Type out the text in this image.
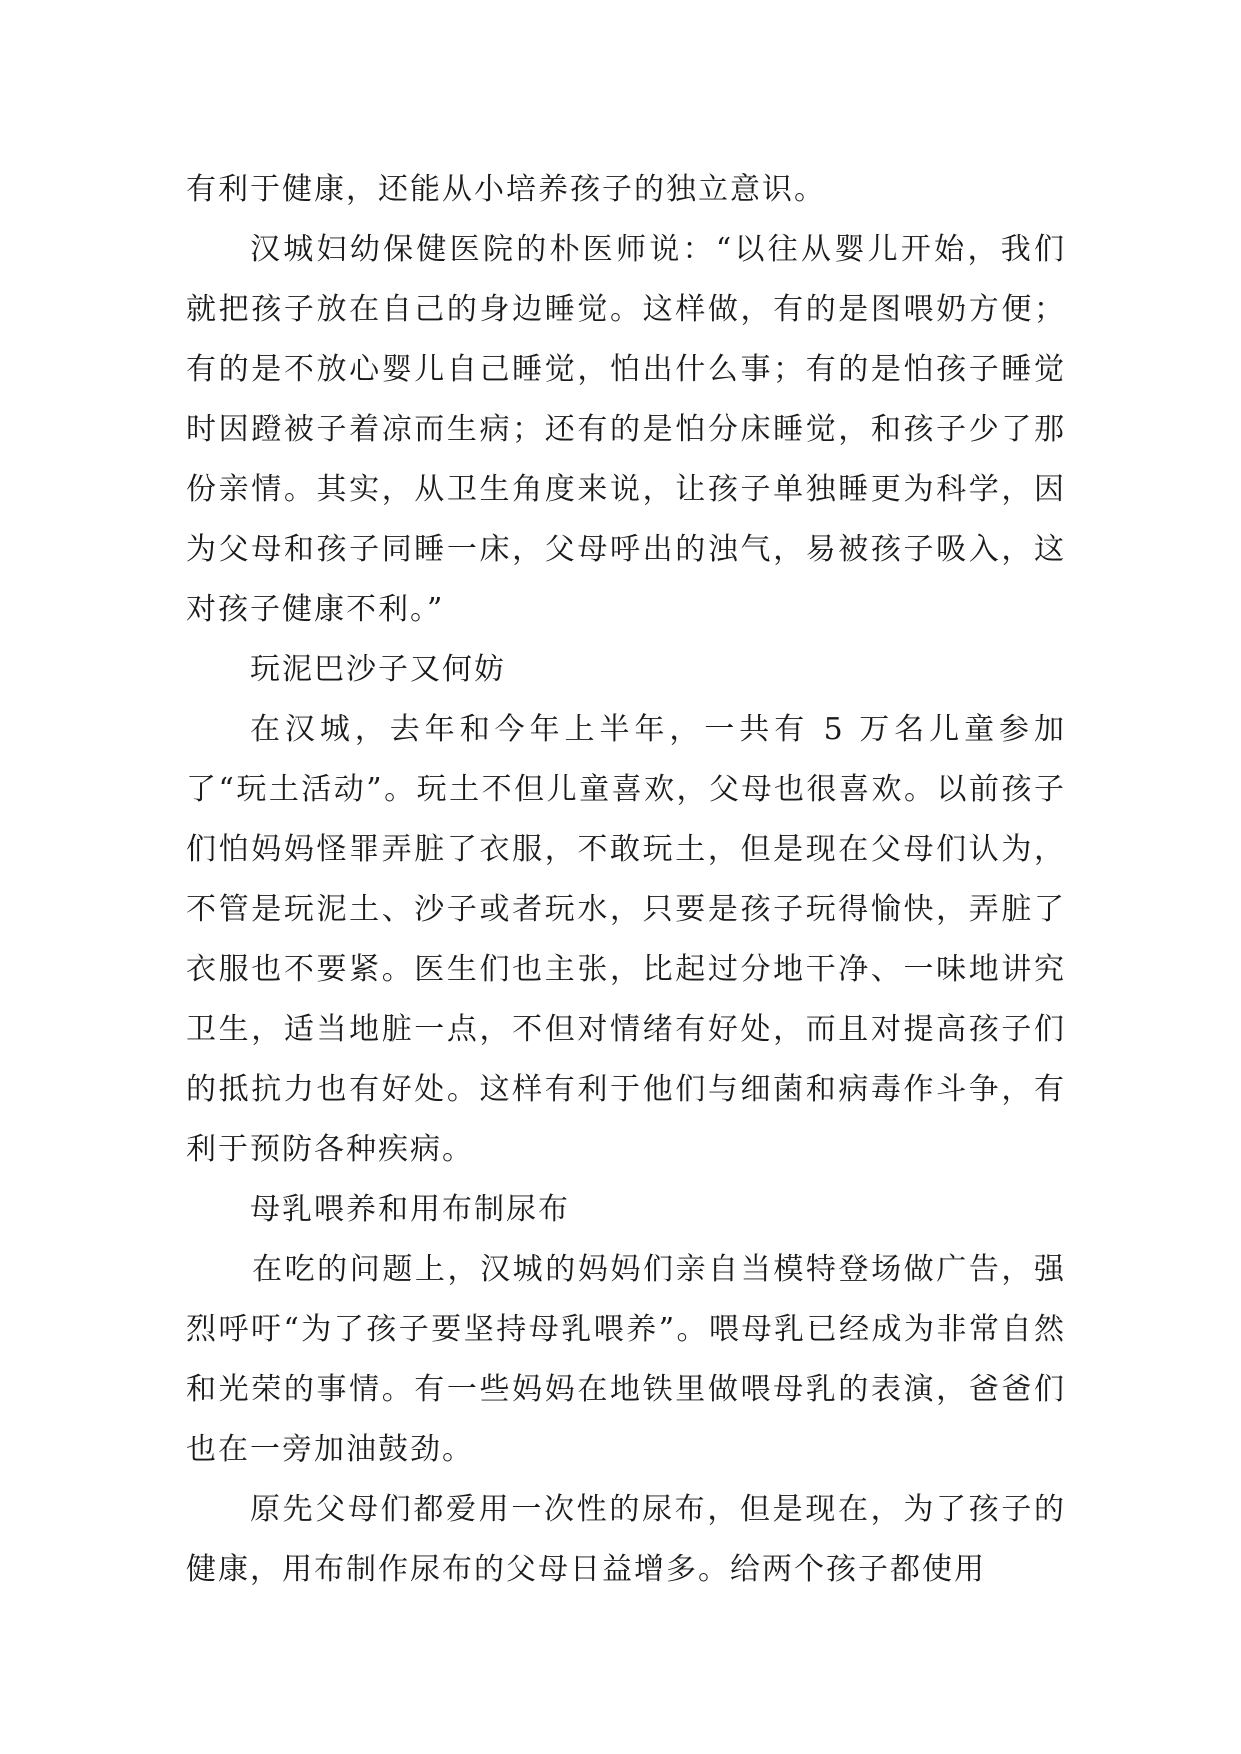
有利于健康，还能从小培养孩子的独立意识。

汉城妇幼保健医院的朴医师说：“以往从婴儿开始，我们就把孩子放在自己的身边睡觉。这样做，有的是图喂奶方便；有的是不放心婴儿自己睡觉，怕出什么事；有的是怕孩子睡觉时因蹬被子着凉而生病；还有的是怕分床睡觉，和孩子少了那份亲情。其实，从卫生角度来说，让孩子单独睡更为科学，因为父母和孩子同睡一床，父母呼出的浊气，易被孩子吸入，这对孩子健康不利。”

玩泥巴沙子又何妨

在汉城，去年和今年上半年，一共有 5 万名儿童参加了“玩土活动”。玩土不但儿童喜欢，父母也很喜欢。以前孩子们怕妈妈怪罪弄脏了衣服，不敢玩土，但是现在父母们认为，不管是玩泥土、沙子或者玩水，只要是孩子玩得愉快，弄脏了衣服也不要紧。医生们也主张，比起过分地干净、一味地讲究卫生，适当地脏一点，不但对情绪有好处，而且对提高孩子们的抵抗力也有好处。这样有利于他们与细菌和病毒作斗争，有利于预防各种疾病。

母乳喂养和用布制尿布

在吃的问题上，汉城的妈妈们亲自当模特登场做广告，强烈呼吁“为了孩子要坚持母乳喂养”。喂母乳已经成为非常自然和光荣的事情。有一些妈妈在地铁里做喂母乳的表演，爸爸们也在一旁加油鼓劲。

原先父母们都爱用一次性的尿布，但是现在，为了孩子的健康，用布制作尿布的父母日益增多。给两个孩子都使用
